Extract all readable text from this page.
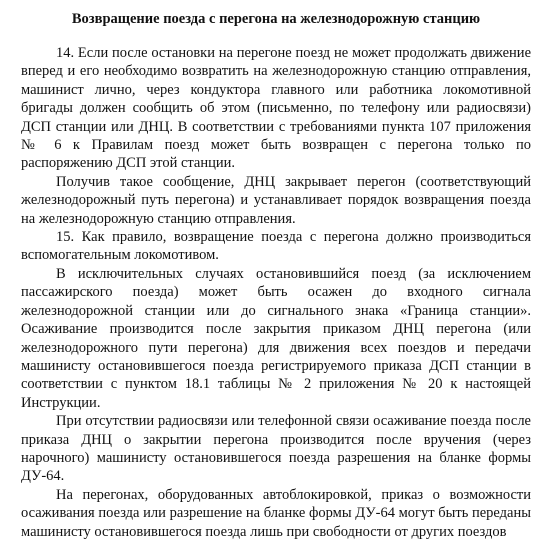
Возвращение поезда с перегона на железнодорожную станцию

14. Если после остановки на перегоне поезд не может продолжать движение вперед и его необходимо возвратить на железнодорожную станцию отправления, машинист лично, через кондуктора главного или работника локомотивной бригады должен сообщить об этом (письменно, по телефону или радиосвязи) ДСП станции или ДНЦ. В соответствии с требованиями пункта 107 приложения № 6 к Правилам поезд может быть возвращен с перегона только по распоряжению ДСП этой станции.

Получив такое сообщение, ДНЦ закрывает перегон (соответствующий железнодорожный путь перегона) и устанавливает порядок возвращения поезда на железнодорожную станцию отправления.

15. Как правило, возвращение поезда с перегона должно производиться вспомогательным локомотивом.

В исключительных случаях остановившийся поезд (за исключением пассажирского поезда) может быть осажен до входного сигнала железнодорожной станции или до сигнального знака «Граница станции». Осаживание производится после закрытия приказом ДНЦ перегона (или железнодорожного пути перегона) для движения всех поездов и передачи машинисту остановившегося поезда регистрируемого приказа ДСП станции в соответствии с пунктом 18.1 таблицы № 2 приложения № 20 к настоящей Инструкции.

При отсутствии радиосвязи или телефонной связи осаживание поезда после приказа ДНЦ о закрытии перегона производится после вручения (через нарочного) машинисту остановившегося поезда разрешения на бланке формы ДУ-64.

На перегонах, оборудованных автоблокировкой, приказ о возможности осаживания поезда или разрешение на бланке формы ДУ-64 могут быть переданы машинисту остановившегося поезда лишь при свободности от других поездов
